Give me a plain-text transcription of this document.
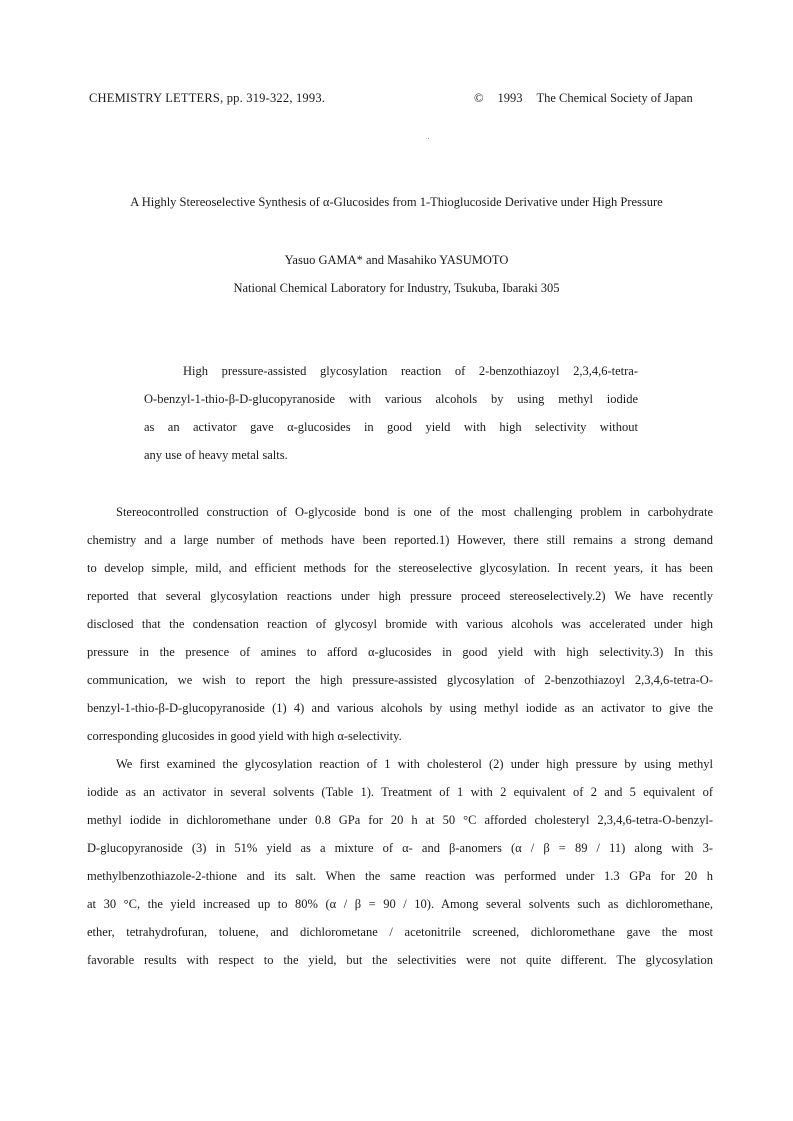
CHEMISTRY LETTERS, pp. 319-322, 1993.	© 1993 The Chemical Society of Japan
A Highly Stereoselective Synthesis of α-Glucosides from 1-Thioglucoside Derivative under High Pressure
Yasuo GAMA* and Masahiko YASUMOTO
National Chemical Laboratory for Industry, Tsukuba, Ibaraki 305
High pressure-assisted glycosylation reaction of 2-benzothiazoyl 2,3,4,6-tetra-
O-benzyl-1-thio-β-D-glucopyranoside with various alcohols by using methyl iodide
as an activator gave α-glucosides in good yield with high selectivity without
any use of heavy metal salts.
Stereocontrolled construction of O-glycoside bond is one of the most challenging problem in carbohydrate
chemistry and a large number of methods have been reported.1) However, there still remains a strong demand
to develop simple, mild, and efficient methods for the stereoselective glycosylation. In recent years, it has been
reported that several glycosylation reactions under high pressure proceed stereoselectively.2) We have recently
disclosed that the condensation reaction of glycosyl bromide with various alcohols was accelerated under high
pressure in the presence of amines to afford α-glucosides in good yield with high selectivity.3) In this
communication, we wish to report the high pressure-assisted glycosylation of 2-benzothiazoyl 2,3,4,6-tetra-O-
benzyl-1-thio-β-D-glucopyranoside (1) 4) and various alcohols by using methyl iodide as an activator to give the
corresponding glucosides in good yield with high α-selectivity.
We first examined the glycosylation reaction of 1 with cholesterol (2) under high pressure by using methyl
iodide as an activator in several solvents (Table 1). Treatment of 1 with 2 equivalent of 2 and 5 equivalent of
methyl iodide in dichloromethane under 0.8 GPa for 20 h at 50 °C afforded cholesteryl 2,3,4,6-tetra-O-benzyl-
D-glucopyranoside (3) in 51% yield as a mixture of α- and β-anomers (α / β = 89 / 11) along with 3-
methylbenzothiazole-2-thione and its salt. When the same reaction was performed under 1.3 GPa for 20 h
at 30 °C, the yield increased up to 80% (α / β = 90 / 10). Among several solvents such as dichloromethane,
ether, tetrahydrofuran, toluene, and dichlorometane / acetonitrile screened, dichloromethane gave the most
favorable results with respect to the yield, but the selectivities were not quite different. The glycosylation
